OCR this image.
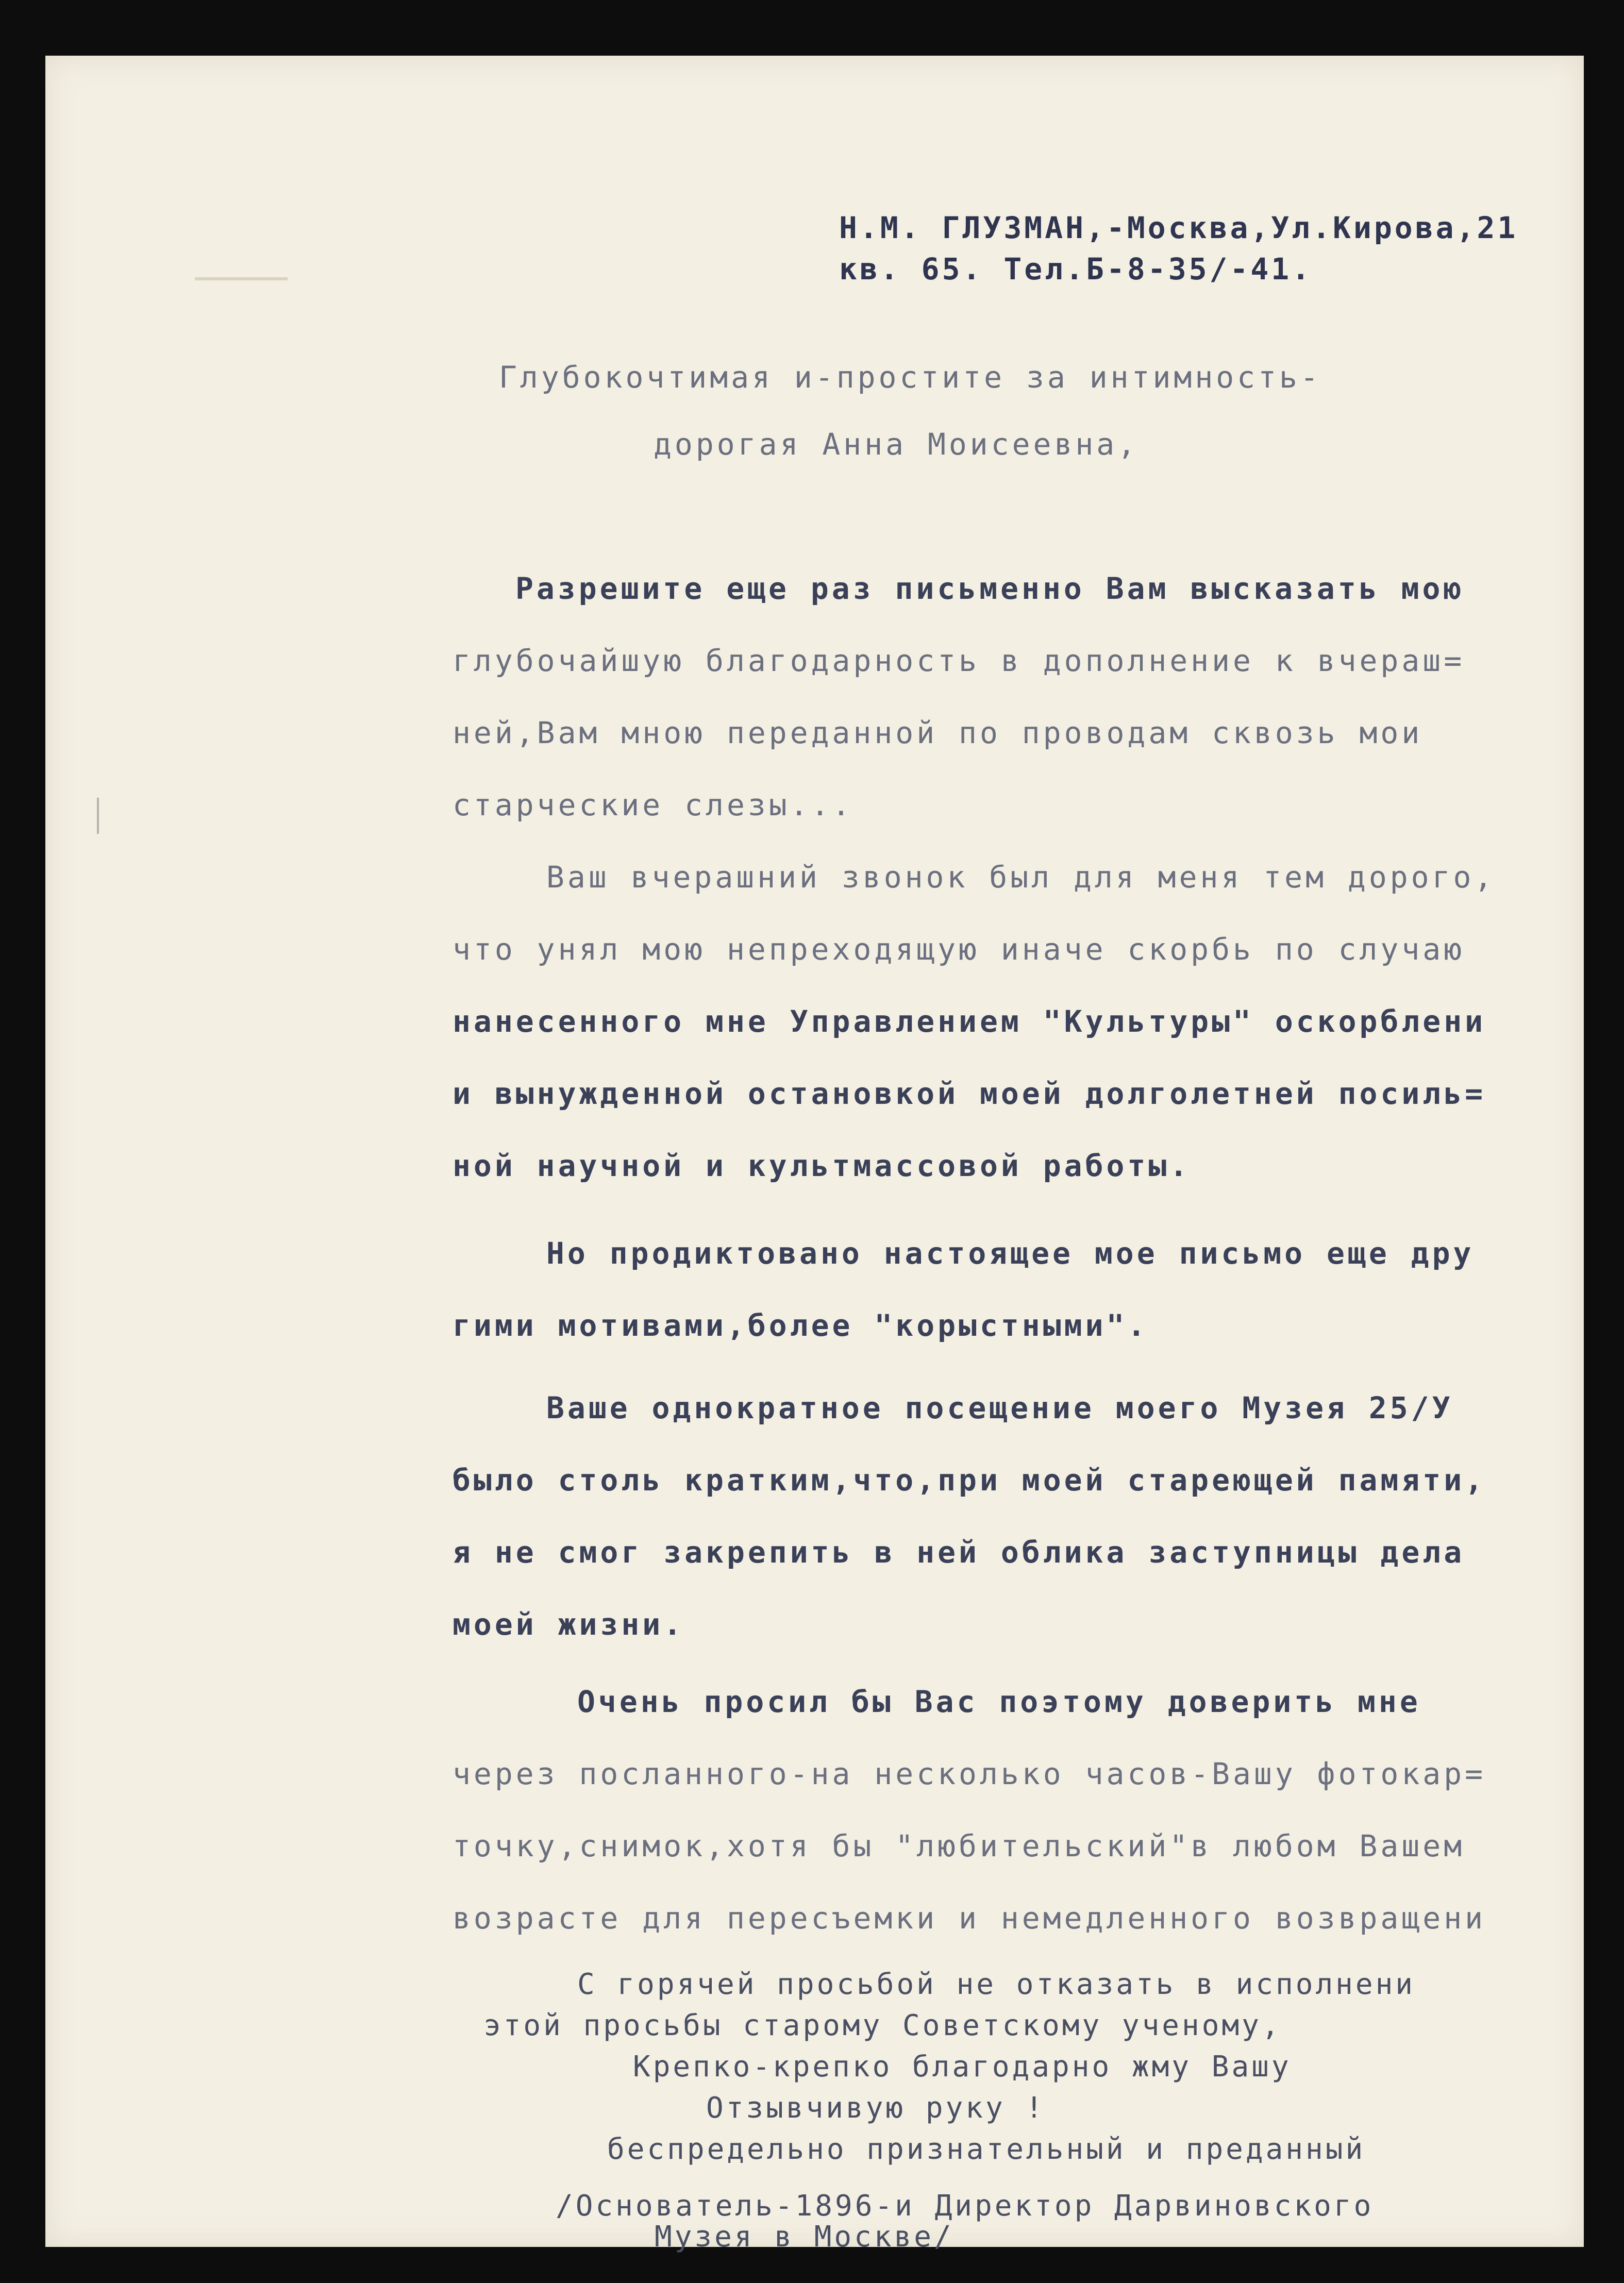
Н.М. ГЛУЗМАН,-Москва,Ул.Кирова,21

кв. 65. Тел.Б-8-35/-41.

Глубокочтимая и-простите за интимность-

дорогая Анна Моисеевна,

Разрешите еще раз письменно Вам высказать мою

глубочайшую благодарность в дополнение к вчераш=

ней,Вам мною переданной по проводам сквозь мои

старческие слезы...

Ваш вчерашний звонок был для меня тем дорого,

что унял мою непреходящую иначе скорбь по случаю

нанесенного мне Управлением "Культуры" оскорблени

и вынужденной остановкой моей долголетней посиль=

ной научной и культмассовой работы.

Но продиктовано настоящее мое письмо еще дру

гими мотивами,более "корыстными".

Ваше однократное посещение моего Музея 25/У

было столь кратким,что,при моей стареющей памяти,

я не смог закрепить в ней облика заступницы дела

моей жизни.

Очень просил бы Вас поэтому доверить мне

через посланного-на несколько часов-Вашу фотокар=

точку,снимок,хотя бы "любительский"в любом Вашем

возрасте для пересъемки и немедленного возвращени

С горячей просьбой не отказать в исполнени

этой просьбы старому Советскому ученому,

Крепко-крепко благодарно жму Вашу

Отзывчивую руку !

беспредельно признательный и преданный

/Основатель-1896-и Директор Дарвиновского

Музея в Москве/
